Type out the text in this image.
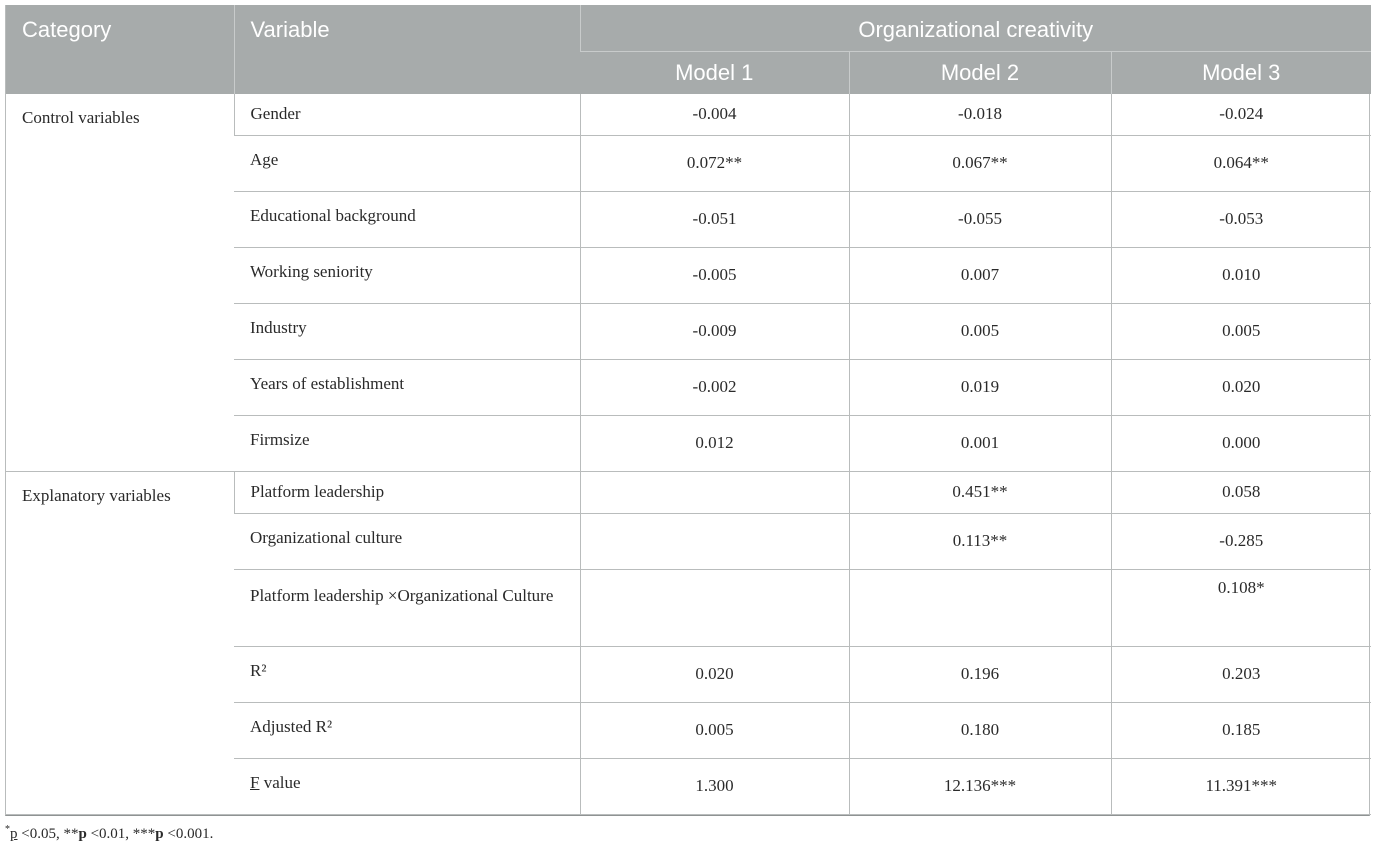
Category	Variable	Organizational creativity		
		Model 1	Model 2	Model 3
Control variables	Gender	-0.004	-0.018	-0.024
	Age	0.072**	0.067**	0.064**
	Educational background	-0.051	-0.055	-0.053
	Working seniority	-0.005	0.007	0.010
	Industry	-0.009	0.005	0.005
	Years of establishment	-0.002	0.019	0.020
	Firmsize	0.012	0.001	0.000
Explanatory variables	Platform leadership		0.451**	0.058
	Organizational culture		0.113**	-0.285
	Platform leadership ×Organizational Culture			0.108*
	R²	0.020	0.196	0.203
	Adjusted R²	0.005	0.180	0.185
	F value	1.300	12.136***	11.391***
*p <0.05, **p <0.01, ***p <0.001.
